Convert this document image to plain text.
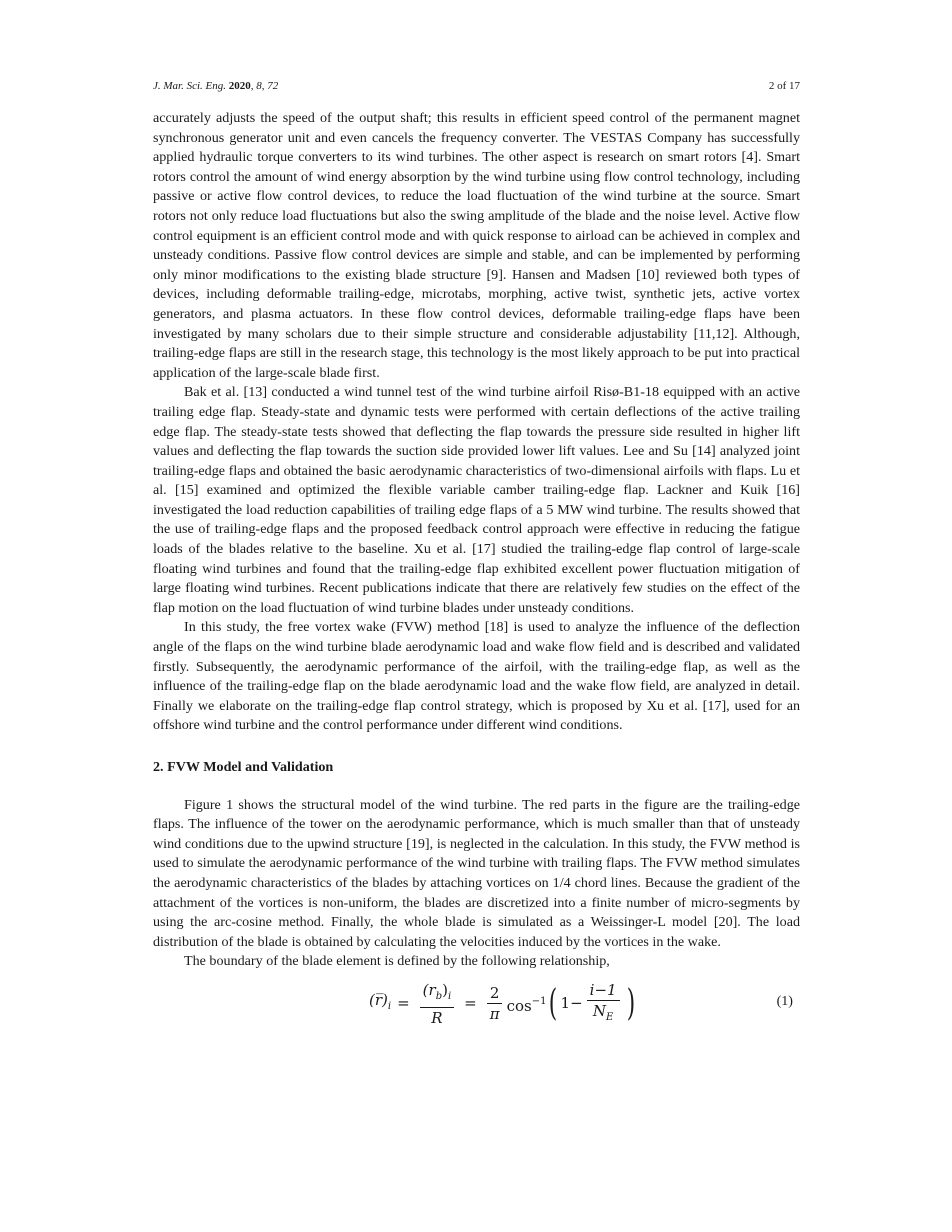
J. Mar. Sci. Eng. 2020, 8, 72	2 of 17

accurately adjusts the speed of the output shaft; this results in efficient speed control of the permanent magnet synchronous generator unit and even cancels the frequency converter. The VESTAS Company has successfully applied hydraulic torque converters to its wind turbines. The other aspect is research on smart rotors [4]. Smart rotors control the amount of wind energy absorption by the wind turbine using flow control technology, including passive or active flow control devices, to reduce the load fluctuation of the wind turbine at the source. Smart rotors not only reduce load fluctuations but also the swing amplitude of the blade and the noise level. Active flow control equipment is an efficient control mode and with quick response to airload can be achieved in complex and unsteady conditions. Passive flow control devices are simple and stable, and can be implemented by performing only minor modifications to the existing blade structure [9]. Hansen and Madsen [10] reviewed both types of devices, including deformable trailing-edge, microtabs, morphing, active twist, synthetic jets, active vortex generators, and plasma actuators. In these flow control devices, deformable trailing-edge flaps have been investigated by many scholars due to their simple structure and considerable adjustability [11,12]. Although, trailing-edge flaps are still in the research stage, this technology is the most likely approach to be put into practical application of the large-scale blade first.

Bak et al. [13] conducted a wind tunnel test of the wind turbine airfoil Risø-B1-18 equipped with an active trailing edge flap. Steady-state and dynamic tests were performed with certain deflections of the active trailing edge flap. The steady-state tests showed that deflecting the flap towards the pressure side resulted in higher lift values and deflecting the flap towards the suction side provided lower lift values. Lee and Su [14] analyzed joint trailing-edge flaps and obtained the basic aerodynamic characteristics of two-dimensional airfoils with flaps. Lu et al. [15] examined and optimized the flexible variable camber trailing-edge flap. Lackner and Kuik [16] investigated the load reduction capabilities of trailing edge flaps of a 5 MW wind turbine. The results showed that the use of trailing-edge flaps and the proposed feedback control approach were effective in reducing the fatigue loads of the blades relative to the baseline. Xu et al. [17] studied the trailing-edge flap control of large-scale floating wind turbines and found that the trailing-edge flap exhibited excellent power fluctuation mitigation of large floating wind turbines. Recent publications indicate that there are relatively few studies on the effect of the flap motion on the load fluctuation of wind turbine blades under unsteady conditions.

In this study, the free vortex wake (FVW) method [18] is used to analyze the influence of the deflection angle of the flaps on the wind turbine blade aerodynamic load and wake flow field and is described and validated firstly. Subsequently, the aerodynamic performance of the airfoil, with the trailing-edge flap, as well as the influence of the trailing-edge flap on the blade aerodynamic load and the wake flow field, are analyzed in detail. Finally we elaborate on the trailing-edge flap control strategy, which is proposed by Xu et al. [17], used for an offshore wind turbine and the control performance under different wind conditions.

2. FVW Model and Validation

Figure 1 shows the structural model of the wind turbine. The red parts in the figure are the trailing-edge flaps. The influence of the tower on the aerodynamic performance, which is much smaller than that of unsteady wind conditions due to the upwind structure [19], is neglected in the calculation. In this study, the FVW method is used to simulate the aerodynamic performance of the wind turbine with trailing flaps. The FVW method simulates the aerodynamic characteristics of the blades by attaching vortices on 1/4 chord lines. Because the gradient of the attachment of the vortices is non-uniform, the blades are discretized into a finite number of micro-segments by using the arc-cosine method. Finally, the whole blade is simulated as a Weissinger-L model [20]. The load distribution of the blade is obtained by calculating the velocities induced by the vortices in the wake.

The boundary of the blade element is defined by the following relationship,

$(r̅)_i = \frac{(r_b)_i}{R} = \frac{2}{\pi} \cos^{-1}$ ( $1- \frac{i-1}{N_E}$ )	(1)
